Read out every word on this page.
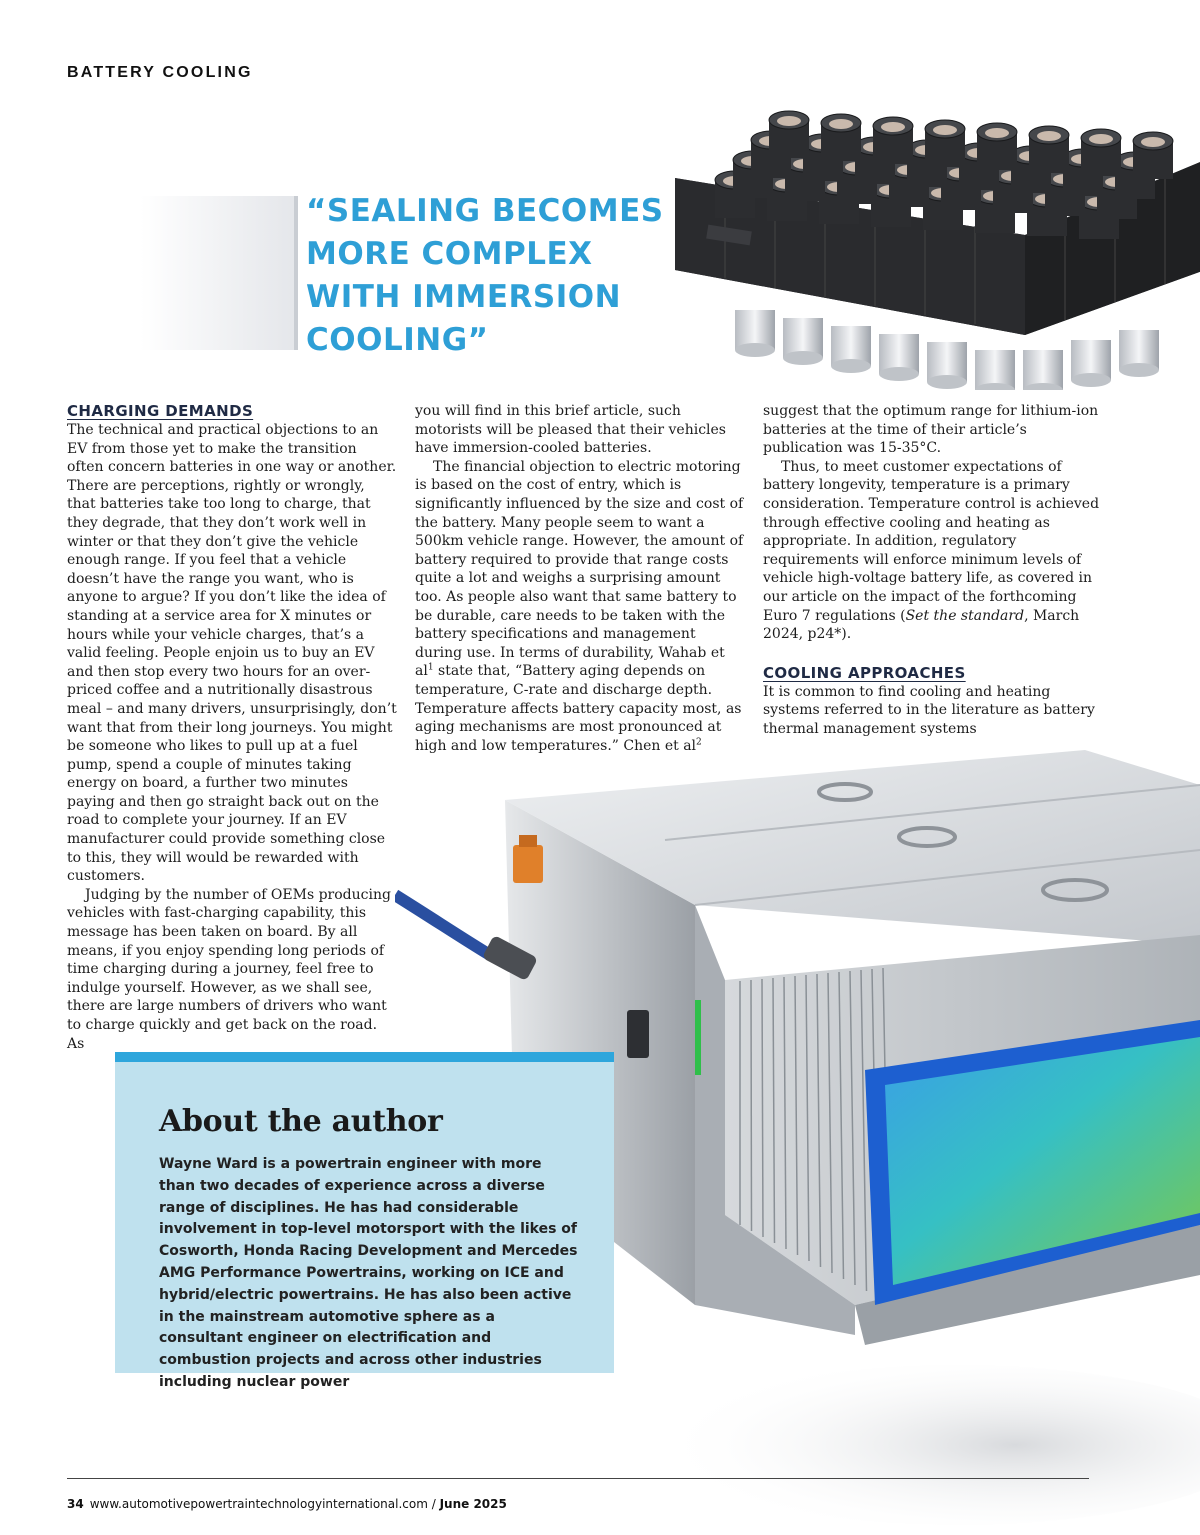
BATTERY COOLING
“SEALING BECOMES MORE COMPLEX WITH IMMERSION COOLING”
CHARGING DEMANDS

The technical and practical objections to an EV from those yet to make the transition often concern batteries in one way or another. There are perceptions, rightly or wrongly, that batteries take too long to charge, that they degrade, that they don’t work well in winter or that they don’t give the vehicle enough range. If you feel that a vehicle doesn’t have the range you want, who is anyone to argue? If you don’t like the idea of standing at a service area for X minutes or hours while your vehicle charges, that’s a valid feeling. People enjoin us to buy an EV and then stop every two hours for an over-priced coffee and a nutritionally disastrous meal – and many drivers, unsurprisingly, don’t want that from their long journeys. You might be someone who likes to pull up at a fuel pump, spend a couple of minutes taking energy on board, a further two minutes paying and then go straight back out on the road to complete your journey. If an EV manufacturer could provide something close to this, they will would be rewarded with customers.

Judging by the number of OEMs producing vehicles with fast-charging capability, this message has been taken on board. By all means, if you enjoy spending long periods of time charging during a journey, feel free to indulge yourself. However, as we shall see, there are large numbers of drivers who want to charge quickly and get back on the road. As

you will find in this brief article, such motorists will be pleased that their vehicles have immersion-cooled batteries.

The financial objection to electric motoring is based on the cost of entry, which is significantly influenced by the size and cost of the battery. Many people seem to want a 500km vehicle range. However, the amount of battery required to provide that range costs quite a lot and weighs a surprising amount too. As people also want that same battery to be durable, care needs to be taken with the battery specifications and management during use. In terms of durability, Wahab et $al^1$ state that, “Battery aging depends on temperature, C-rate and discharge depth. Temperature affects battery capacity most, as aging mechanisms are most pronounced at high and low temperatures.” Chen et $al^2$

suggest that the optimum range for lithium-ion batteries at the time of their article’s publication was 15-35°C.

Thus, to meet customer expectations of battery longevity, temperature is a primary consideration. Temperature control is achieved through effective cooling and heating as appropriate. In addition, regulatory requirements will enforce minimum levels of vehicle high-voltage battery life, as covered in our article on the impact of the forthcoming Euro 7 regulations (Set the standard, March 2024, p24*).

COOLING APPROACHES

It is common to find cooling and heating systems referred to in the literature as battery thermal management systems

About the author
Wayne Ward is a powertrain engineer with more than two decades of experience across a diverse range of disciplines. He has had considerable involvement in top-level motorsport with the likes of Cosworth, Honda Racing Development and Mercedes AMG Performance Powertrains, working on ICE and hybrid/electric powertrains. He has also been active in the mainstream automotive sphere as a consultant engineer on electrification and combustion projects and across other industries including nuclear power
34 www.automotivepowertraintechnologyinternational.com / June 2025
